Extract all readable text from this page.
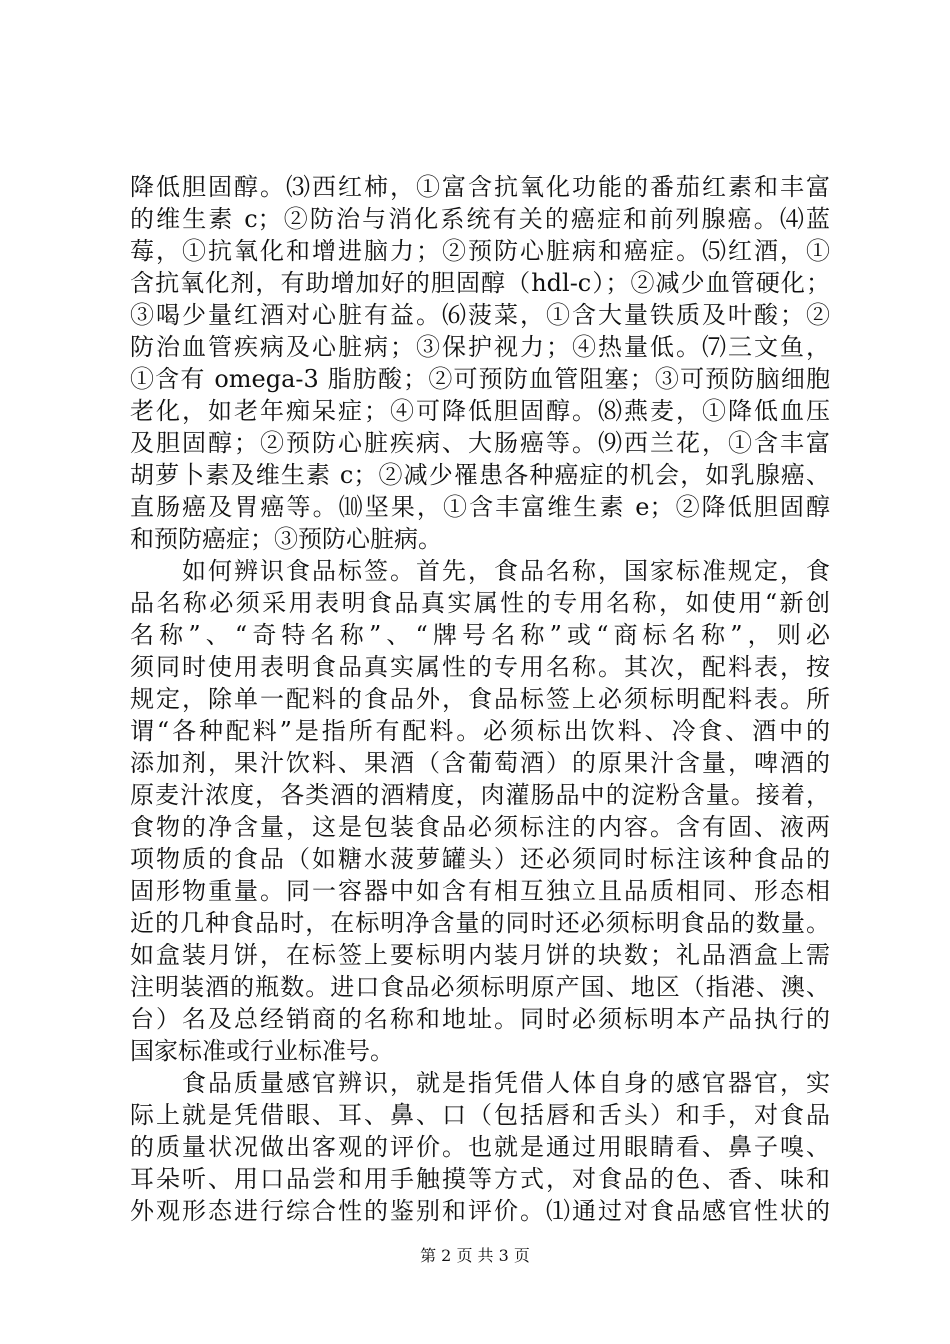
降低胆固醇。⑶西红柿，①富含抗氧化功能的番茄红素和丰富
的维生素 c；②防治与消化系统有关的癌症和前列腺癌。⑷蓝
莓，①抗氧化和增进脑力；②预防心脏病和癌症。⑸红酒，①
含抗氧化剂，有助增加好的胆固醇（hdl-c）；②减少血管硬化；
③喝少量红酒对心脏有益。⑹菠菜，①含大量铁质及叶酸；②
防治血管疾病及心脏病；③保护视力；④热量低。⑺三文鱼，
①含有 omega-3 脂肪酸；②可预防血管阻塞；③可预防脑细胞
老化，如老年痴呆症；④可降低胆固醇。⑻燕麦，①降低血压
及胆固醇；②预防心脏疾病、大肠癌等。⑼西兰花，①含丰富
胡萝卜素及维生素 c；②减少罹患各种癌症的机会，如乳腺癌、
直肠癌及胃癌等。⑽坚果，①含丰富维生素 e；②降低胆固醇
和预防癌症；③预防心脏病。
　　如何辨识食品标签。首先，食品名称，国家标准规定，食
品名称必须采用表明食品真实属性的专用名称，如使用“新创
名称”、“奇特名称”、“牌号名称”或“商标名称”，则必
须同时使用表明食品真实属性的专用名称。其次，配料表，按
规定，除单一配料的食品外，食品标签上必须标明配料表。所
谓“各种配料”是指所有配料。必须标出饮料、冷食、酒中的
添加剂，果汁饮料、果酒（含葡萄酒）的原果汁含量，啤酒的
原麦汁浓度，各类酒的酒精度，肉灌肠品中的淀粉含量。接着，
食物的净含量，这是包装食品必须标注的内容。含有固、液两
项物质的食品（如糖水菠萝罐头）还必须同时标注该种食品的
固形物重量。同一容器中如含有相互独立且品质相同、形态相
近的几种食品时，在标明净含量的同时还必须标明食品的数量。
如盒装月饼，在标签上要标明内装月饼的块数；礼品酒盒上需
注明装酒的瓶数。进口食品必须标明原产国、地区（指港、澳、
台）名及总经销商的名称和地址。同时必须标明本产品执行的
国家标准或行业标准号。
　　食品质量感官辨识，就是指凭借人体自身的感官器官，实
际上就是凭借眼、耳、鼻、口（包括唇和舌头）和手，对食品
的质量状况做出客观的评价。也就是通过用眼睛看、鼻子嗅、
耳朵听、用口品尝和用手触摸等方式，对食品的色、香、味和
外观形态进行综合性的鉴别和评价。⑴通过对食品感官性状的
第 2 页 共 3 页
